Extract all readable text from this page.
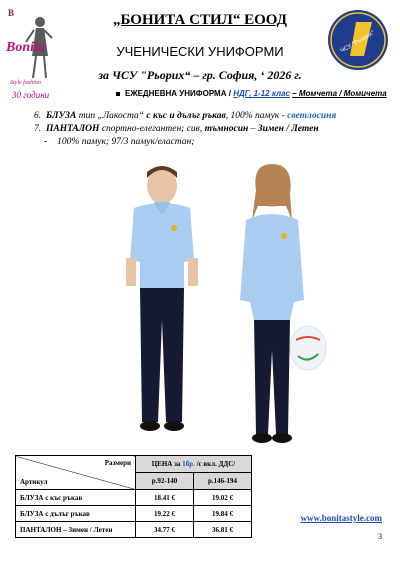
B
Bonita
Style fashion
30 години
ЧСУ "Рьорих"
„БОНИТА СТИЛ“ ЕООД
УЧЕНИЧЕСКИ УНИФОРМИ
за ЧСУ "Рьорих“ – гр. София, ‘ 2026 г.
ЕЖЕДНЕВНА УНИФОРМА / НДГ, 1-12 клас – Момчета / Момичета
6. БЛУЗА тип „Лакоста“ с къс и дълъг ръкав, 100% памук - светлосиня
7. ПАНТАЛОН спортно-елегантен; сив, тъмносин – Зимен / Летен
- 100% памук; 97/3 памук/еластан;
Размери
Артикул	ЦЕНА за 1бр. /с вкл. ДДС/	
	р.92-140	р.146-194
БЛУЗА с къс ръкав	18.41 €	19.02 €
БЛУЗА с дълъг ръкав	19.22 €	19.84 €
ПАНТАЛОН – Зимен / Летен	34.77 €	36.81 €
www.bonitastyle.com
3
